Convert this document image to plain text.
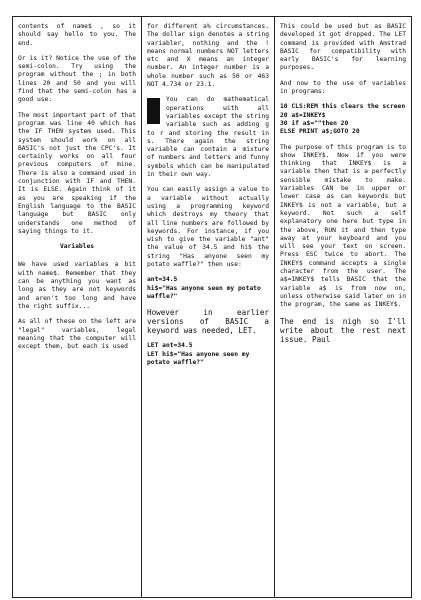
contents of name$ , so it should say hello to you. The end.

Or is it? Notice the use of the semi-colon. Try using the program without the ; in both lines 20 and 50 and you will find that the semi-colon has a good use.

The most important part of that program was line 40 which has the IF THEN system used. This system should work on all BASIC's not just the CPC's. It certainly works on all four previous computers of mine. There is also a command used in conjunction with IF and THEN. It is ELSE. Again think of it as you are speaking if the English language to the BASIC language but BASIC only understands one method of saying things to it.

Variables

We have used variables a bit with name$. Remember that they can be anything you want as long as they are not keywords and aren't too long and have the right suffix...

As all of these on the left are "legal" variables, legal meaning that the computer will except them, but each is used

for different a% circumstances. The dollar sign denotes a string variabler, nothing and the ! means normal numbers NOT letters etc and X means an integer number. An integer number is a whole number such as 50 or 463 NOT 4.734 or 23.1.

You can do mathematical operations with all variables except the string variable such as adding g to r and storing the result in s. There again the string variable can contain a mixture of numbers and letters and funny symbols which can be manipulated in their own way.

You can easily assign a value to a variable without actually using a programming keyword which destroys my theory that all line numbers are followed by keywords. For instance, if you wish to give the variable "ant" the value of 34.5 and hi$ the string "Has anyone seen my potato waffle?" then use:

ant=34.5
hi$="Has anyone seen my potato waffle?"

However in earlier versions of BASIC a keyword was needed, LET.

LET ant=34.5
LET hi$="Has anyone seen my potato waffle?"

This could be used but as BASIC developed it got dropped. The LET command is provided with Amstrad BASIC for compatibility with early BASIC's for learning purposes.

And now to the use of variables in programs:

10 CLS:REM this clears the screen
20 a$=INKEY$
30 if a$=""then 20
ELSE PRINT a$;GOTO 20

The purpose of this program is to show INKEY$. Now if you were thinking that INKEY$ is a variable then that is a perfectly sensible mistake to make. Variables CAN be in upper or lower case as can keywords but INKEY$ is not a variable, but a keyword. Not such a self explanatory one here but type in the above, RUN it and then type away at your keyboard and you will see your text on screen. Press ESC twice to abort. The INKEY$ command accepts a single character from the user. The a$=INKEY$ tells BASIC that the variable a$ is from now on, unless otherwise said later on in the program, the same as INKEY$.

The end is nigh so I'll write about the rest next issue. Paul
